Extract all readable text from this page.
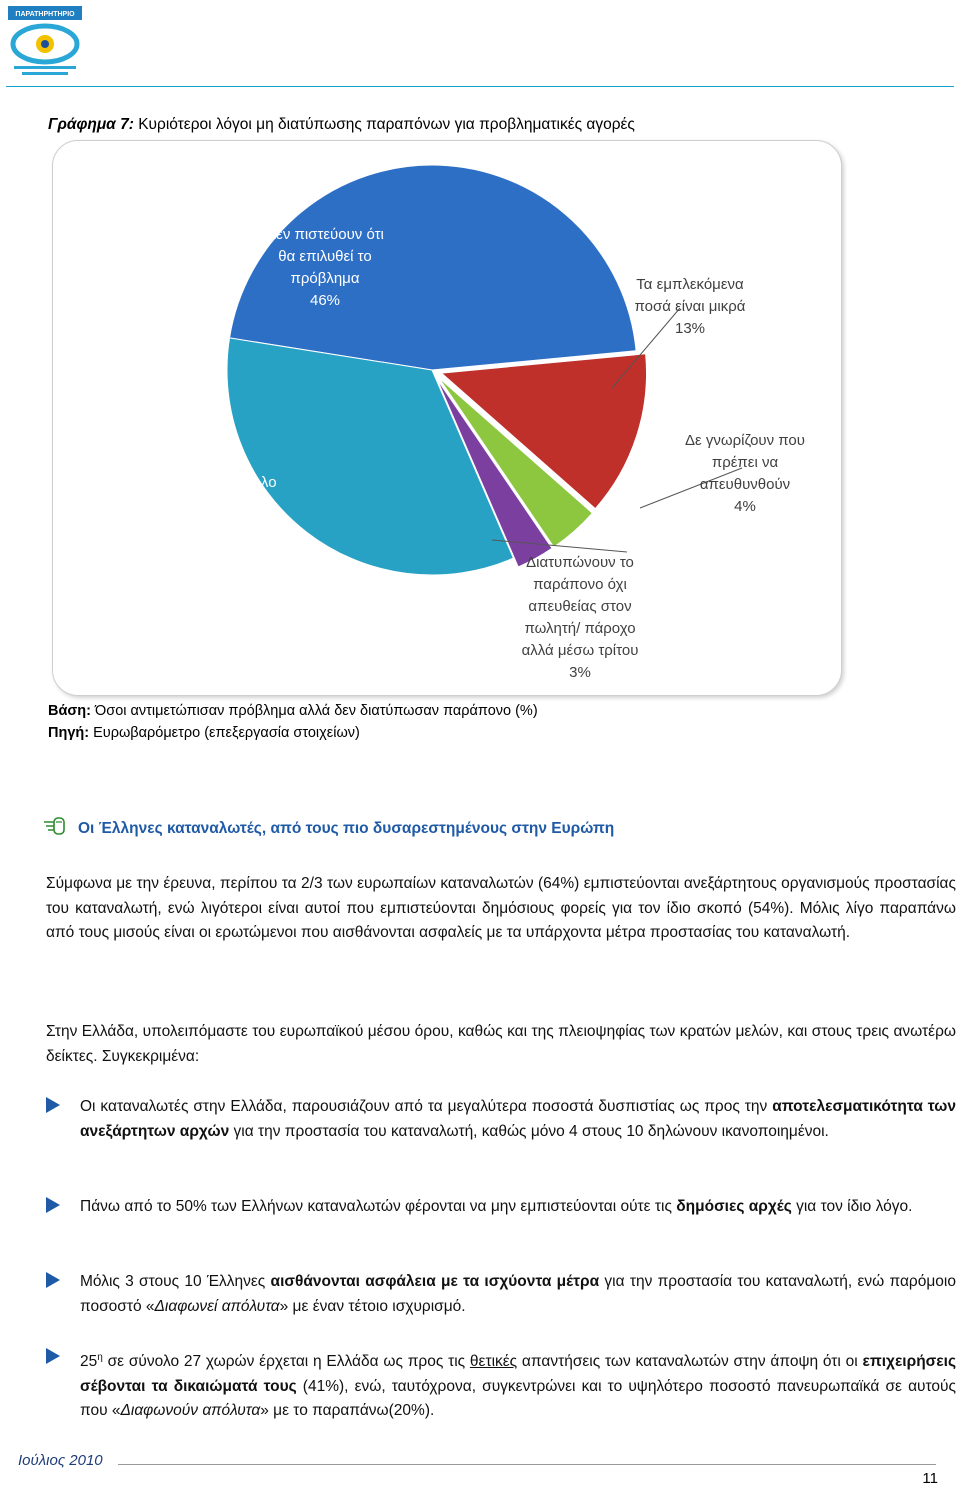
ΠΑΡΑΤΗΡΗΤΗΡΙΟ
Γράφημα 7: Κυριότεροι λόγοι μη διατύπωσης παραπόνων για προβληματικές αγορές
Δεν πιστεύουν ότι
θα επιλυθεί το
πρόβλημα
46%
Τα εμπλεκόμενα
ποσά είναι μικρά
13%
Δε γνωρίζουν που
πρέπει να
απευθυνθούν
4%
Διατυπώνουν το
παράπονο όχι
απευθείας στον
πωλητή/ πάροχο
αλλά μέσω τρίτου
3%
Άλλο
34%
Βάση: Όσοι αντιμετώπισαν πρόβλημα αλλά δεν διατύπωσαν παράπονο (%)
Πηγή: Ευρωβαρόμετρο (επεξεργασία στοιχείων)
Οι Έλληνες καταναλωτές, από τους πιο δυσαρεστημένους στην Ευρώπη
Σύμφωνα με την έρευνα, περίπου τα 2/3 των ευρωπαίων καταναλωτών (64%) εμπιστεύονται ανεξάρτητους οργανισμούς προστασίας του καταναλωτή, ενώ λιγότεροι είναι αυτοί που εμπιστεύονται δημόσιους φορείς για τον ίδιο σκοπό (54%). Μόλις λίγο παραπάνω από τους μισούς είναι οι ερωτώμενοι που αισθάνονται ασφαλείς με τα υπάρχοντα μέτρα προστασίας του καταναλωτή.
Στην Ελλάδα, υπολειπόμαστε του ευρωπαϊκού μέσου όρου, καθώς και της πλειοψηφίας των κρατών μελών, και στους τρεις ανωτέρω δείκτες. Συγκεκριμένα:
Οι καταναλωτές στην Ελλάδα, παρουσιάζουν από τα μεγαλύτερα ποσοστά δυσπιστίας ως προς την αποτελεσματικότητα των ανεξάρτητων αρχών για την προστασία του καταναλωτή, καθώς μόνο 4 στους 10 δηλώνουν ικανοποιημένοι.
Πάνω από το 50% των Ελλήνων καταναλωτών φέρονται να μην εμπιστεύονται ούτε τις δημόσιες αρχές για τον ίδιο λόγο.
Μόλις 3 στους 10 Έλληνες αισθάνονται ασφάλεια με τα ισχύοντα μέτρα για την προστασία του καταναλωτή, ενώ παρόμοιο ποσοστό «Διαφωνεί απόλυτα» με έναν τέτοιο ισχυρισμό.
$25^\eta$ σε σύνολο 27 χωρών έρχεται η Ελλάδα ως προς τις θετικές απαντήσεις των καταναλωτών στην άποψη ότι οι επιχειρήσεις σέβονται τα δικαιώματά τους (41%), ενώ, ταυτόχρονα, συγκεντρώνει και το υψηλότερο ποσοστό πανευρωπαϊκά σε αυτούς που «Διαφωνούν απόλυτα» με το παραπάνω(20%).
Ιούλιος 2010
11
